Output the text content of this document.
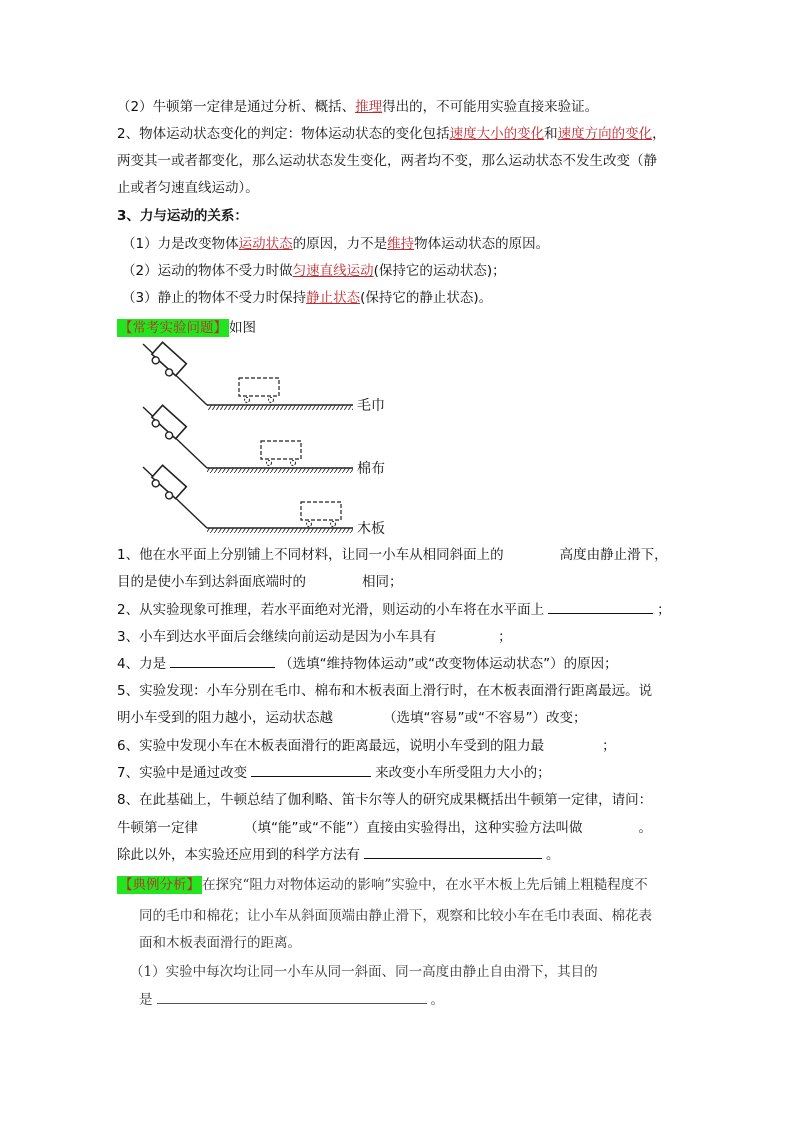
（2）牛顿第一定律是通过分析、概括、推理得出的，不可能用实验直接来验证。
2、物体运动状态变化的判定：物体运动状态的变化包括速度大小的变化和速度方向的变化，
两变其一或者都变化，那么运动状态发生变化，两者均不变，那么运动状态不发生改变（静
止或者匀速直线运动）。
3、力与运动的关系：
（1）力是改变物体运动状态的原因，力不是维持物体运动状态的原因。
（2）运动的物体不受力时做匀速直线运动(保持它的运动状态)；
（3）静止的物体不受力时保持静止状态(保持它的静止状态)。
【常考实验问题】 如图
毛巾
棉布
木板
1、他在水平面上分别铺上不同材料，让同一小车从相同斜面上的	高度由静止滑下，
目的是使小车到达斜面底端时的	相同；
2、从实验现象可推理，若水平面绝对光滑，则运动的小车将在水平面上	；
3、小车到达水平面后会继续向前运动是因为小车具有	；
4、力是	（选填“维持物体运动”或“改变物体运动状态”）的原因；
5、实验发现：小车分别在毛巾、棉布和木板表面上滑行时，在木板表面滑行距离最远。说
明小车受到的阻力越小，运动状态越	（选填“容易”或“不容易”）改变；
6、实验中发现小车在木板表面滑行的距离最远，说明小车受到的阻力最	；
7、实验中是通过改变	来改变小车所受阻力大小的；
8、在此基础上，牛顿总结了伽利略、笛卡尔等人的研究成果概括出牛顿第一定律，请问：
牛顿第一定律	（填“能”或“不能”）直接由实验得出，这种实验方法叫做	。
除此以外，本实验还应用到的科学方法有	。
【典例分析】 在探究“阻力对物体运动的影响”实验中，在水平木板上先后铺上粗糙程度不
同的毛巾和棉花；让小车从斜面顶端由静止滑下，观察和比较小车在毛巾表面、棉花表
面和木板表面滑行的距离。
（1）实验中每次均让同一小车从同一斜面、同一高度由静止自由滑下，其目的
是	。
